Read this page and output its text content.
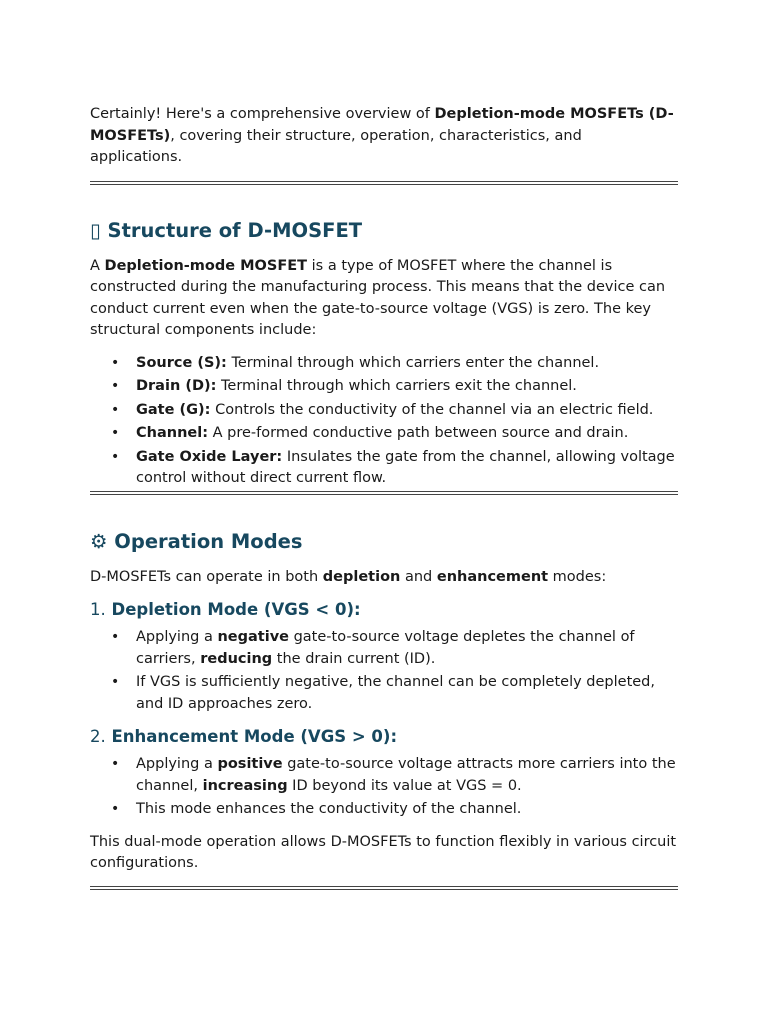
Certainly! Here's a comprehensive overview of Depletion-mode MOSFETs (D-MOSFETs), covering their structure, operation, characteristics, and applications.

▯ Structure of D-MOSFET

A Depletion-mode MOSFET is a type of MOSFET where the channel is constructed during the manufacturing process. This means that the device can conduct current even when the gate-to-source voltage (VGS) is zero. The key structural components include:

• Source (S): Terminal through which carriers enter the channel.
• Drain (D): Terminal through which carriers exit the channel.
• Gate (G): Controls the conductivity of the channel via an electric field.
• Channel: A pre-formed conductive path between source and drain.
• Gate Oxide Layer: Insulates the gate from the channel, allowing voltage control without direct current flow.
⚙ Operation Modes

D-MOSFETs can operate in both depletion and enhancement modes:

1. Depletion Mode (VGS < 0):
• Applying a negative gate-to-source voltage depletes the channel of carriers, reducing the drain current (ID).
• If VGS is sufficiently negative, the channel can be completely depleted, and ID approaches zero.
2. Enhancement Mode (VGS > 0):
• Applying a positive gate-to-source voltage attracts more carriers into the channel, increasing ID beyond its value at VGS = 0.
• This mode enhances the conductivity of the channel.

This dual-mode operation allows D-MOSFETs to function flexibly in various circuit configurations.
